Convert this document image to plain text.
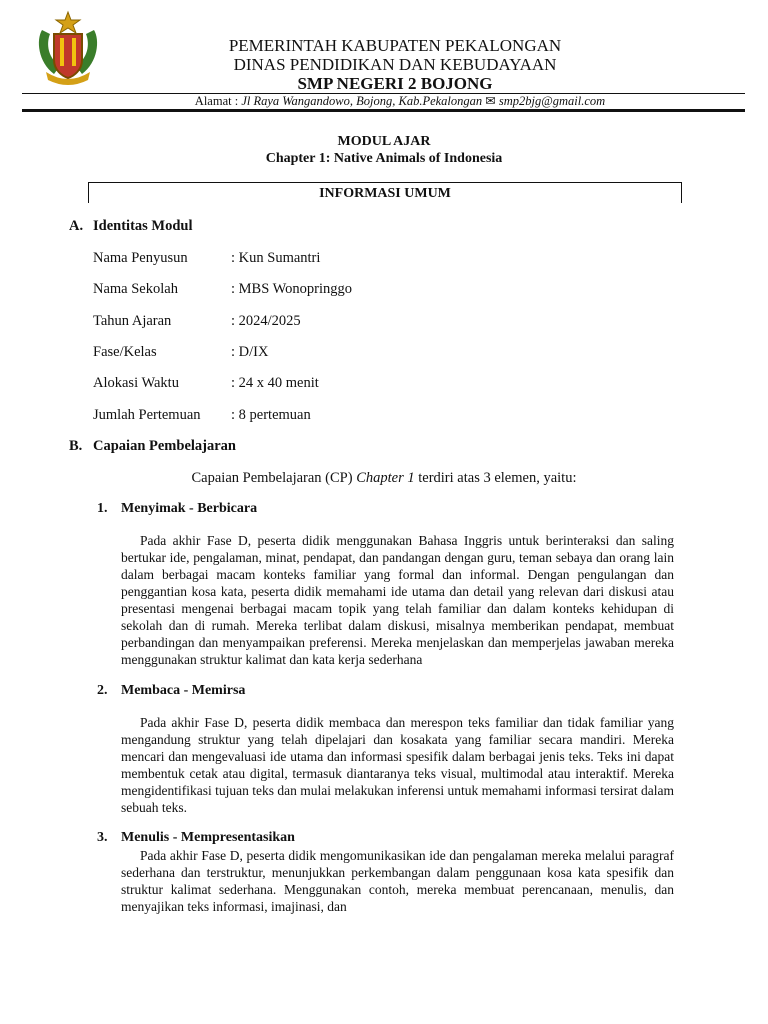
PEMERINTAH KABUPATEN PEKALONGAN
DINAS PENDIDIKAN DAN KEBUDAYAAN
SMP NEGERI 2 BOJONG
Alamat : Jl Raya Wangandowo, Bojong, Kab.Pekalongan ✉ smp2bjg@gmail.com
MODUL AJAR
Chapter 1: Native Animals of Indonesia
INFORMASI UMUM
A. Identitas Modul
Nama Penyusun	: Kun Sumantri
Nama Sekolah	: MBS Wonopringgo
Tahun Ajaran	: 2024/2025
Fase/Kelas	: D/IX
Alokasi Waktu	: 24 x 40 menit
Jumlah Pertemuan : 8 pertemuan
B. Capaian Pembelajaran
Capaian Pembelajaran (CP) Chapter 1 terdiri atas 3 elemen, yaitu:
1. Menyimak - Berbicara
Pada akhir Fase D, peserta didik menggunakan Bahasa Inggris untuk berinteraksi dan saling bertukar ide, pengalaman, minat, pendapat, dan pandangan dengan guru, teman sebaya dan orang lain dalam berbagai macam konteks familiar yang formal dan informal. Dengan pengulangan dan penggantian kosa kata, peserta didik memahami ide utama dan detail yang relevan dari diskusi atau presentasi mengenai berbagai macam topik yang telah familiar dan dalam konteks kehidupan di sekolah dan di rumah. Mereka terlibat dalam diskusi, misalnya memberikan pendapat, membuat perbandingan dan menyampaikan preferensi. Mereka menjelaskan dan memperjelas jawaban mereka menggunakan struktur kalimat dan kata kerja sederhana
2. Membaca - Memirsa
Pada akhir Fase D, peserta didik membaca dan merespon teks familiar dan tidak familiar yang mengandung struktur yang telah dipelajari dan kosakata yang familiar secara mandiri. Mereka mencari dan mengevaluasi ide utama dan informasi spesifik dalam berbagai jenis teks. Teks ini dapat membentuk cetak atau digital, termasuk diantaranya teks visual, multimodal atau interaktif. Mereka mengidentifikasi tujuan teks dan mulai melakukan inferensi untuk memahami informasi tersirat dalam sebuah teks.
3. Menulis - Mempresentasikan
Pada akhir Fase D, peserta didik mengomunikasikan ide dan pengalaman mereka melalui paragraf sederhana dan terstruktur, menunjukkan perkembangan dalam penggunaan kosa kata spesifik dan struktur kalimat sederhana. Menggunakan contoh, mereka membuat perencanaan, menulis, dan menyajikan teks informasi, imajinasi, dan
